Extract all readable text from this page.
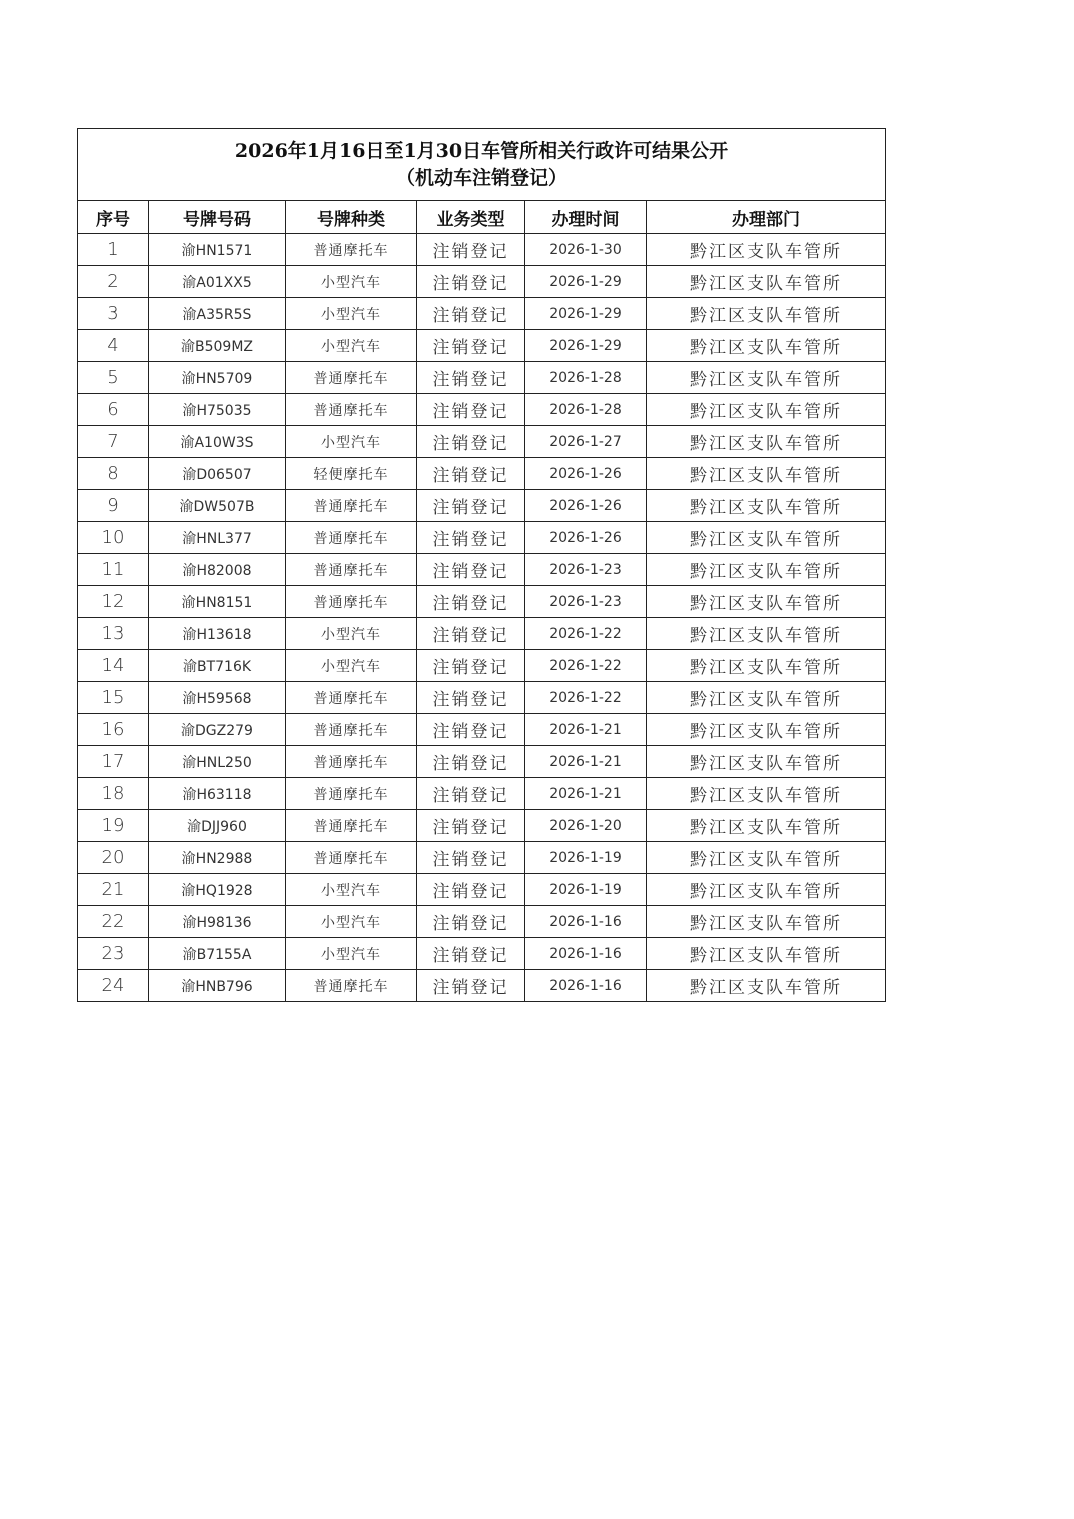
2026年1月16日至1月30日车管所相关行政许可结果公开
（机动车注销登记）					

序号	号牌号码	号牌种类	业务类型	办理时间	办理部门
1	渝HN1571	普通摩托车	注销登记	2026-1-30	黔江区支队车管所
2	渝A01XX5	小型汽车	注销登记	2026-1-29	黔江区支队车管所
3	渝A35R5S	小型汽车	注销登记	2026-1-29	黔江区支队车管所
4	渝B509MZ	小型汽车	注销登记	2026-1-29	黔江区支队车管所
5	渝HN5709	普通摩托车	注销登记	2026-1-28	黔江区支队车管所
6	渝H75035	普通摩托车	注销登记	2026-1-28	黔江区支队车管所
7	渝A10W3S	小型汽车	注销登记	2026-1-27	黔江区支队车管所
8	渝D06507	轻便摩托车	注销登记	2026-1-26	黔江区支队车管所
9	渝DW507B	普通摩托车	注销登记	2026-1-26	黔江区支队车管所
10	渝HNL377	普通摩托车	注销登记	2026-1-26	黔江区支队车管所
11	渝H82008	普通摩托车	注销登记	2026-1-23	黔江区支队车管所
12	渝HN8151	普通摩托车	注销登记	2026-1-23	黔江区支队车管所
13	渝H13618	小型汽车	注销登记	2026-1-22	黔江区支队车管所
14	渝BT716K	小型汽车	注销登记	2026-1-22	黔江区支队车管所
15	渝H59568	普通摩托车	注销登记	2026-1-22	黔江区支队车管所
16	渝DGZ279	普通摩托车	注销登记	2026-1-21	黔江区支队车管所
17	渝HNL250	普通摩托车	注销登记	2026-1-21	黔江区支队车管所
18	渝H63118	普通摩托车	注销登记	2026-1-21	黔江区支队车管所
19	渝DJJ960	普通摩托车	注销登记	2026-1-20	黔江区支队车管所
20	渝HN2988	普通摩托车	注销登记	2026-1-19	黔江区支队车管所
21	渝HQ1928	小型汽车	注销登记	2026-1-19	黔江区支队车管所
22	渝H98136	小型汽车	注销登记	2026-1-16	黔江区支队车管所
23	渝B7155A	小型汽车	注销登记	2026-1-16	黔江区支队车管所
24	渝HNB796	普通摩托车	注销登记	2026-1-16	黔江区支队车管所
